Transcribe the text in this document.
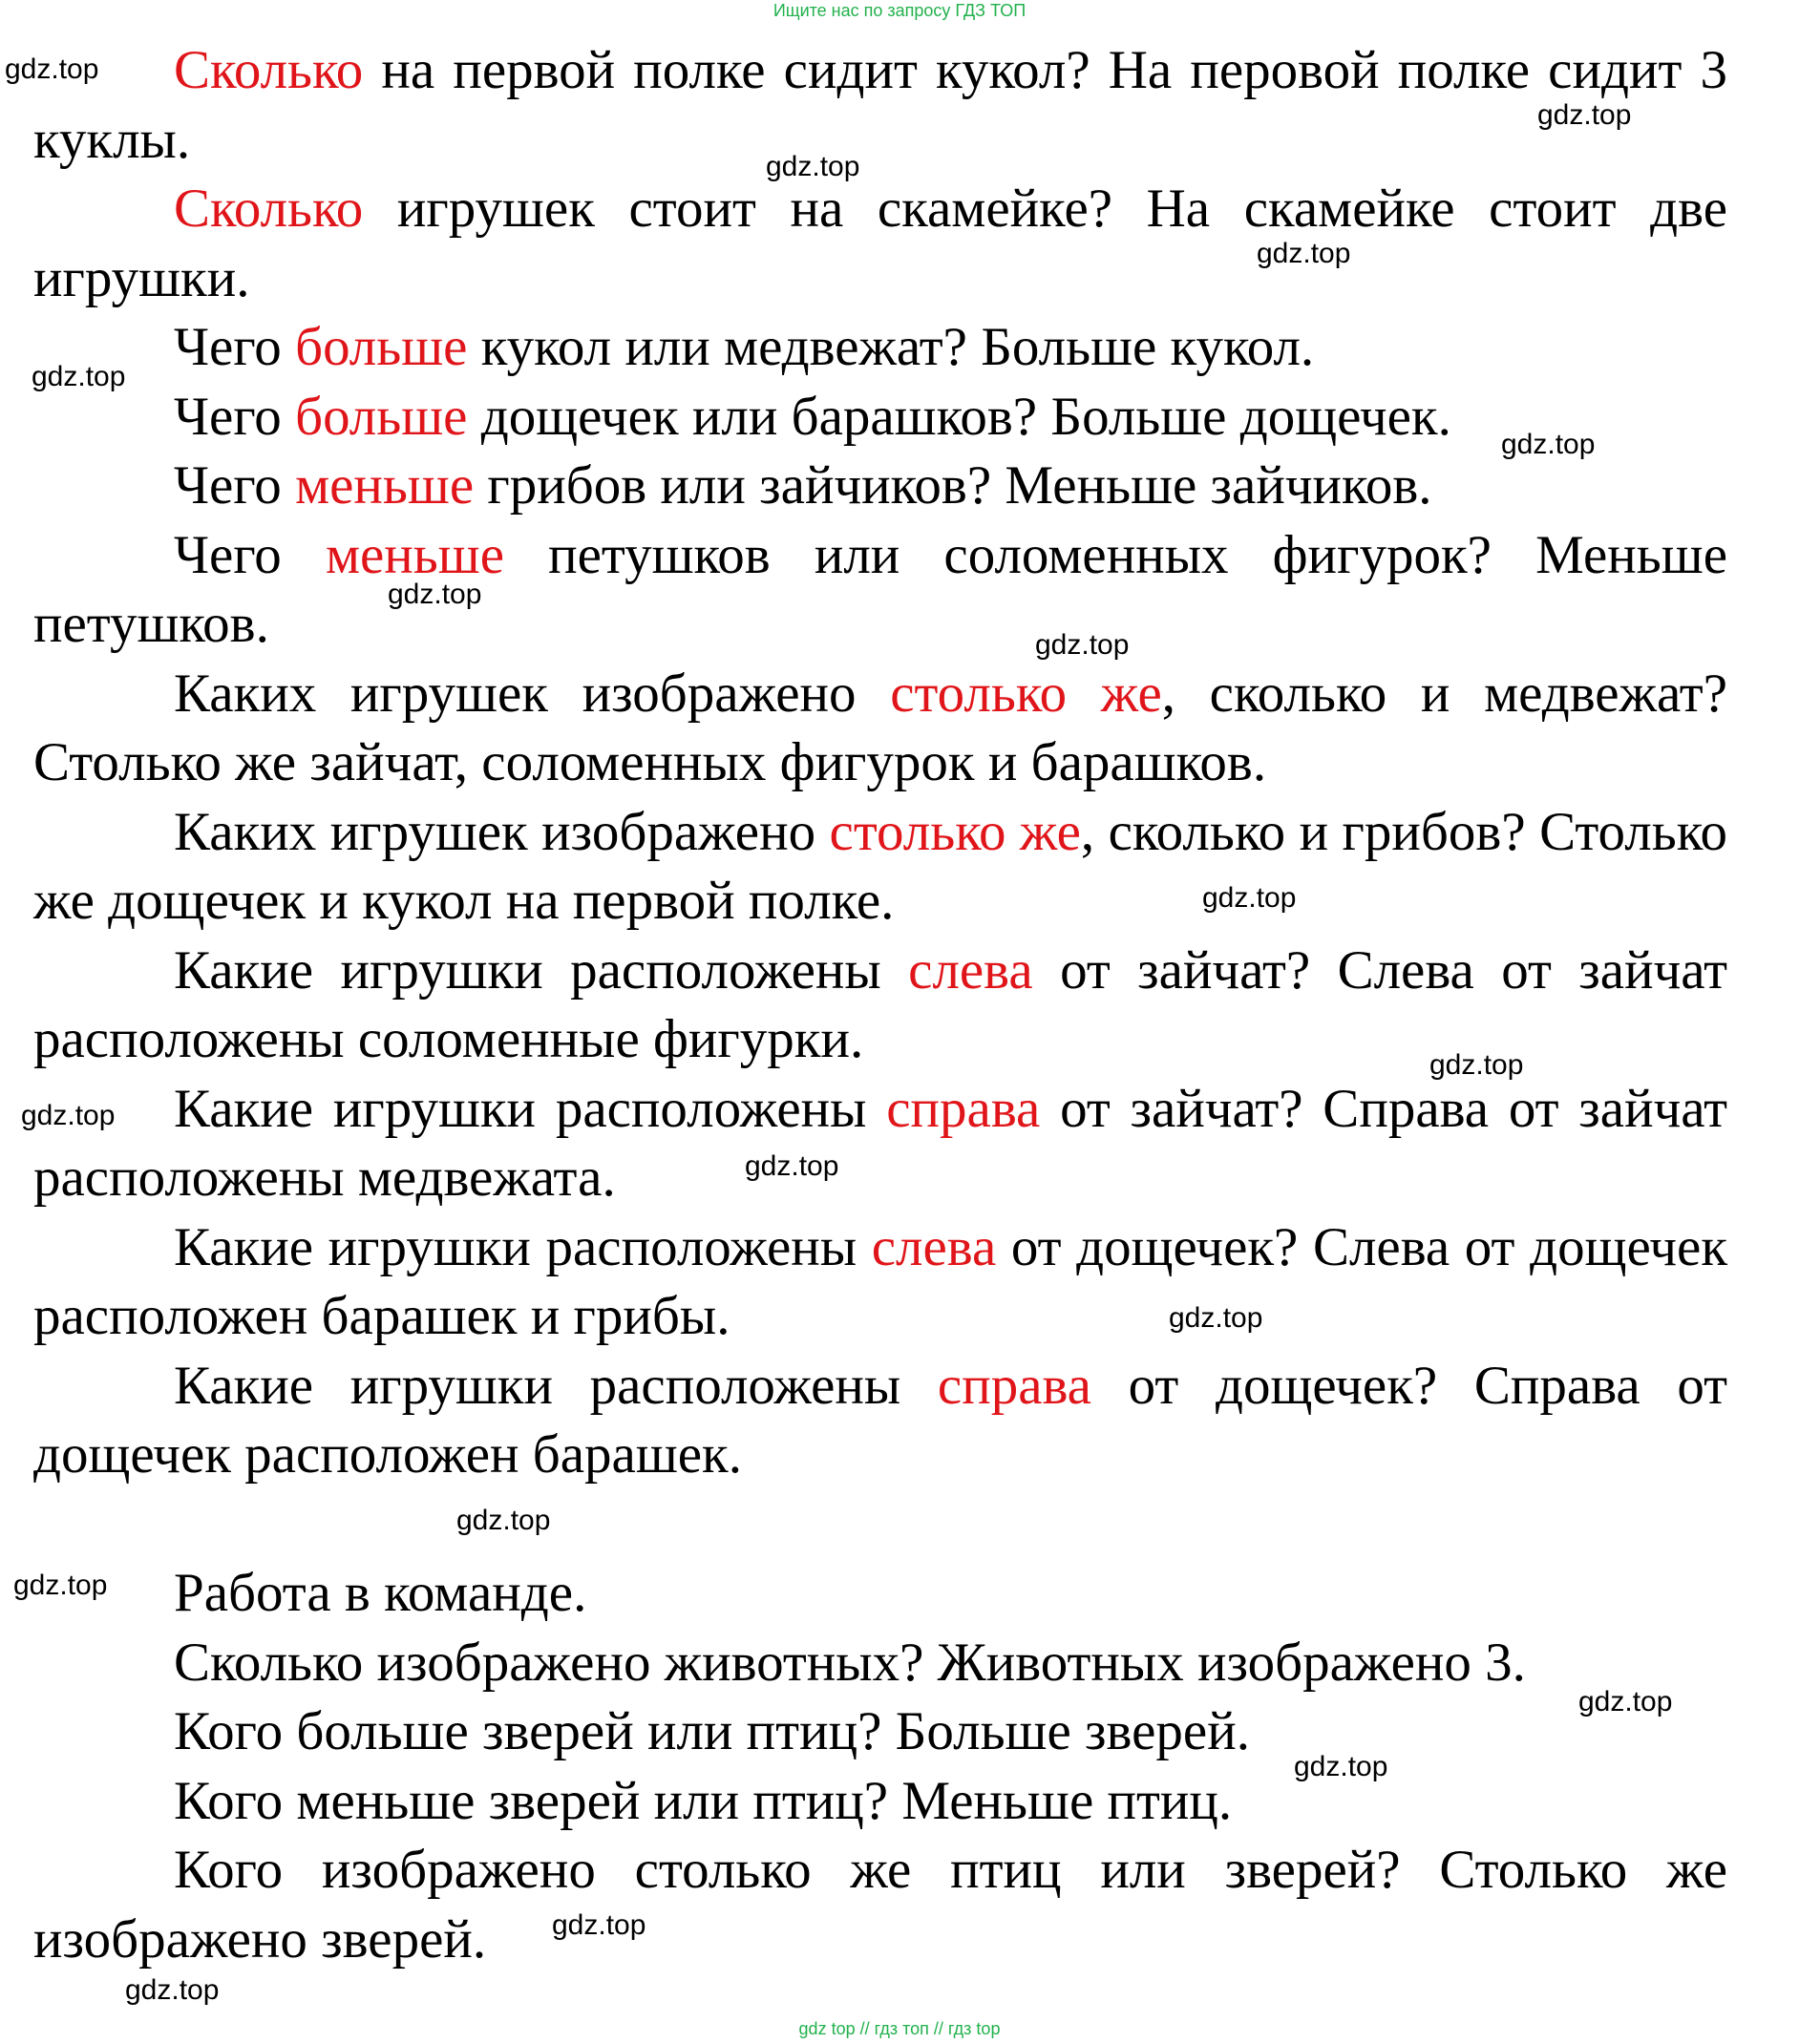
Ищите нас по запросу ГДЗ ТОП

Сколько на первой полке сидит кукол? На перовой полке сидит 3 куклы.

Сколько игрушек стоит на скамейке? На скамейке стоит две игрушки.

Чего больше кукол или медвежат? Больше кукол.

Чего больше дощечек или барашков? Больше дощечек.

Чего меньше грибов или зайчиков? Меньше зайчиков.

Чего меньше петушков или соломенных фигурок? Меньше петушков.

Каких игрушек изображено столько же, сколько и медвежат? Столько же зайчат, соломенных фигурок и барашков.

Каких игрушек изображено столько же, сколько и грибов? Столько же дощечек и кукол на первой полке.

Какие игрушки расположены слева от зайчат? Слева от зайчат расположены соломенные фигурки.

Какие игрушки расположены справа от зайчат? Справа от зайчат расположены медвежата.

Какие игрушки расположены слева от дощечек? Слева от дощечек расположен барашек и грибы.

Какие игрушки расположены справа от дощечек? Справа от дощечек расположен барашек.

Работа в команде.

Сколько изображено животных? Животных изображено 3.

Кого больше зверей или птиц? Больше зверей.

Кого меньше зверей или птиц? Меньше птиц.

Кого изображено столько же птиц или зверей? Столько же изображено зверей.

gdz.top
gdz.top
gdz.top
gdz.top
gdz.top
gdz.top
gdz.top
gdz.top
gdz.top
gdz.top
gdz.top
gdz.top
gdz.top
gdz.top
gdz.top
gdz.top
gdz.top
gdz.top
gdz.top
gdz top // гдз топ // гдз top
